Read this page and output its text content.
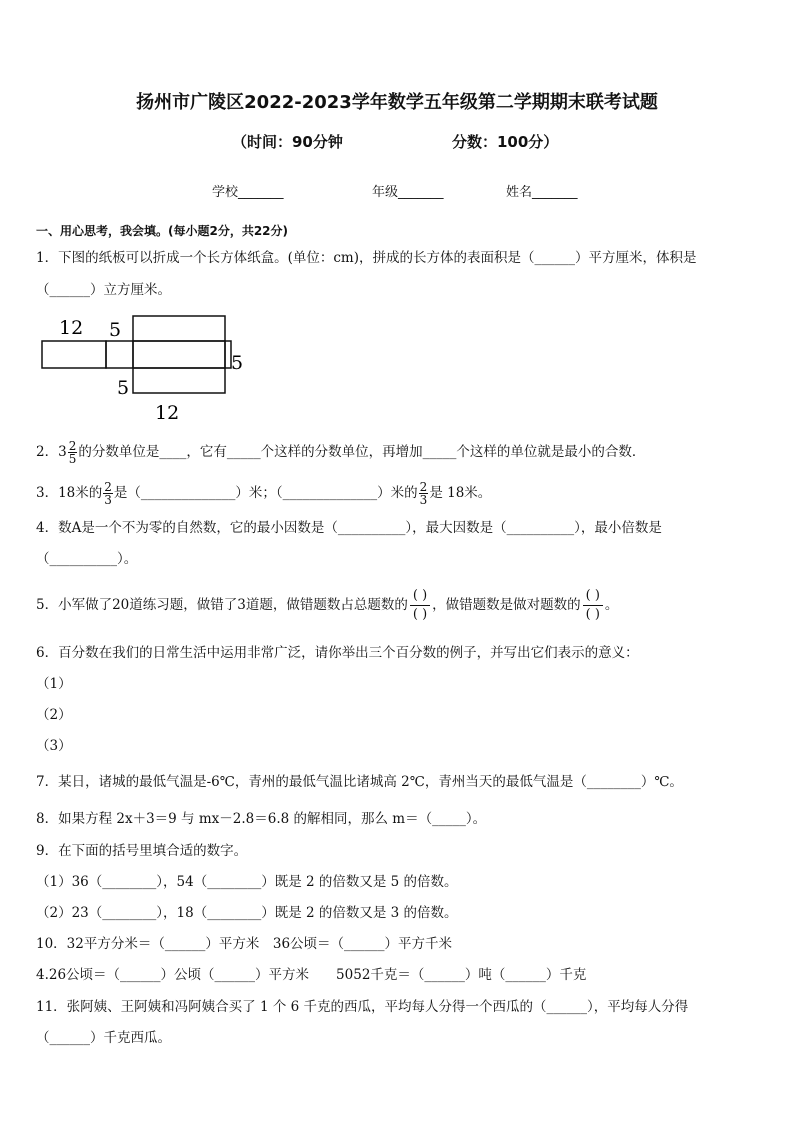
扬州市广陵区2022-2023学年数学五年级第二学期期末联考试题
（时间：90分钟	分数：100分）
学校_______	年级_______	姓名_______
一、用心思考，我会填。(每小题2分，共22分)
1．下图的纸板可以折成一个长方体纸盒。(单位：cm)，拼成的长方体的表面积是（______）平方厘米，体积是
（______）立方厘米。
12 5
5
5
12
2．$3 \frac{2}{5}$ 的分数单位是____，它有_____个这样的分数单位，再增加_____个这样的单位就是最小的合数．
3．18米的 $\frac{2}{3}$ 是（______________）米；（______________）米的 $\frac{2}{3}$ 是 18米。
4．数A是一个不为零的自然数，它的最小因数是（__________），最大因数是（__________），最小倍数是
（__________）。
5．小军做了20道练习题，做错了3道题，做错题数占总题数的 $\frac{( )}{( )}$ ，做错题数是做对题数的 $\frac{( )}{( )}$ 。
6．百分数在我们的日常生活中运用非常广泛，请你举出三个百分数的例子，并写出它们表示的意义：
（1）
（2）
（3）
7．某日，诸城的最低气温是-6℃，青州的最低气温比诸城高 2℃，青州当天的最低气温是（________）℃。
8．如果方程 2x＋3＝9 与 mx－2.8＝6.8 的解相同，那么 m＝（_____）。
9．在下面的括号里填合适的数字。
（1）36（________），54（________）既是 2 的倍数又是 5 的倍数。
（2）23（________），18（________）既是 2 的倍数又是 3 的倍数。
10．32平方分米＝（______）平方米　36公顷＝（______）平方千米
4.26公顷＝（______）公顷（______）平方米　　5052千克＝（______）吨（______）千克
11．张阿姨、王阿姨和冯阿姨合买了 1 个 6 千克的西瓜，平均每人分得一个西瓜的（______），平均每人分得
（______）千克西瓜。
